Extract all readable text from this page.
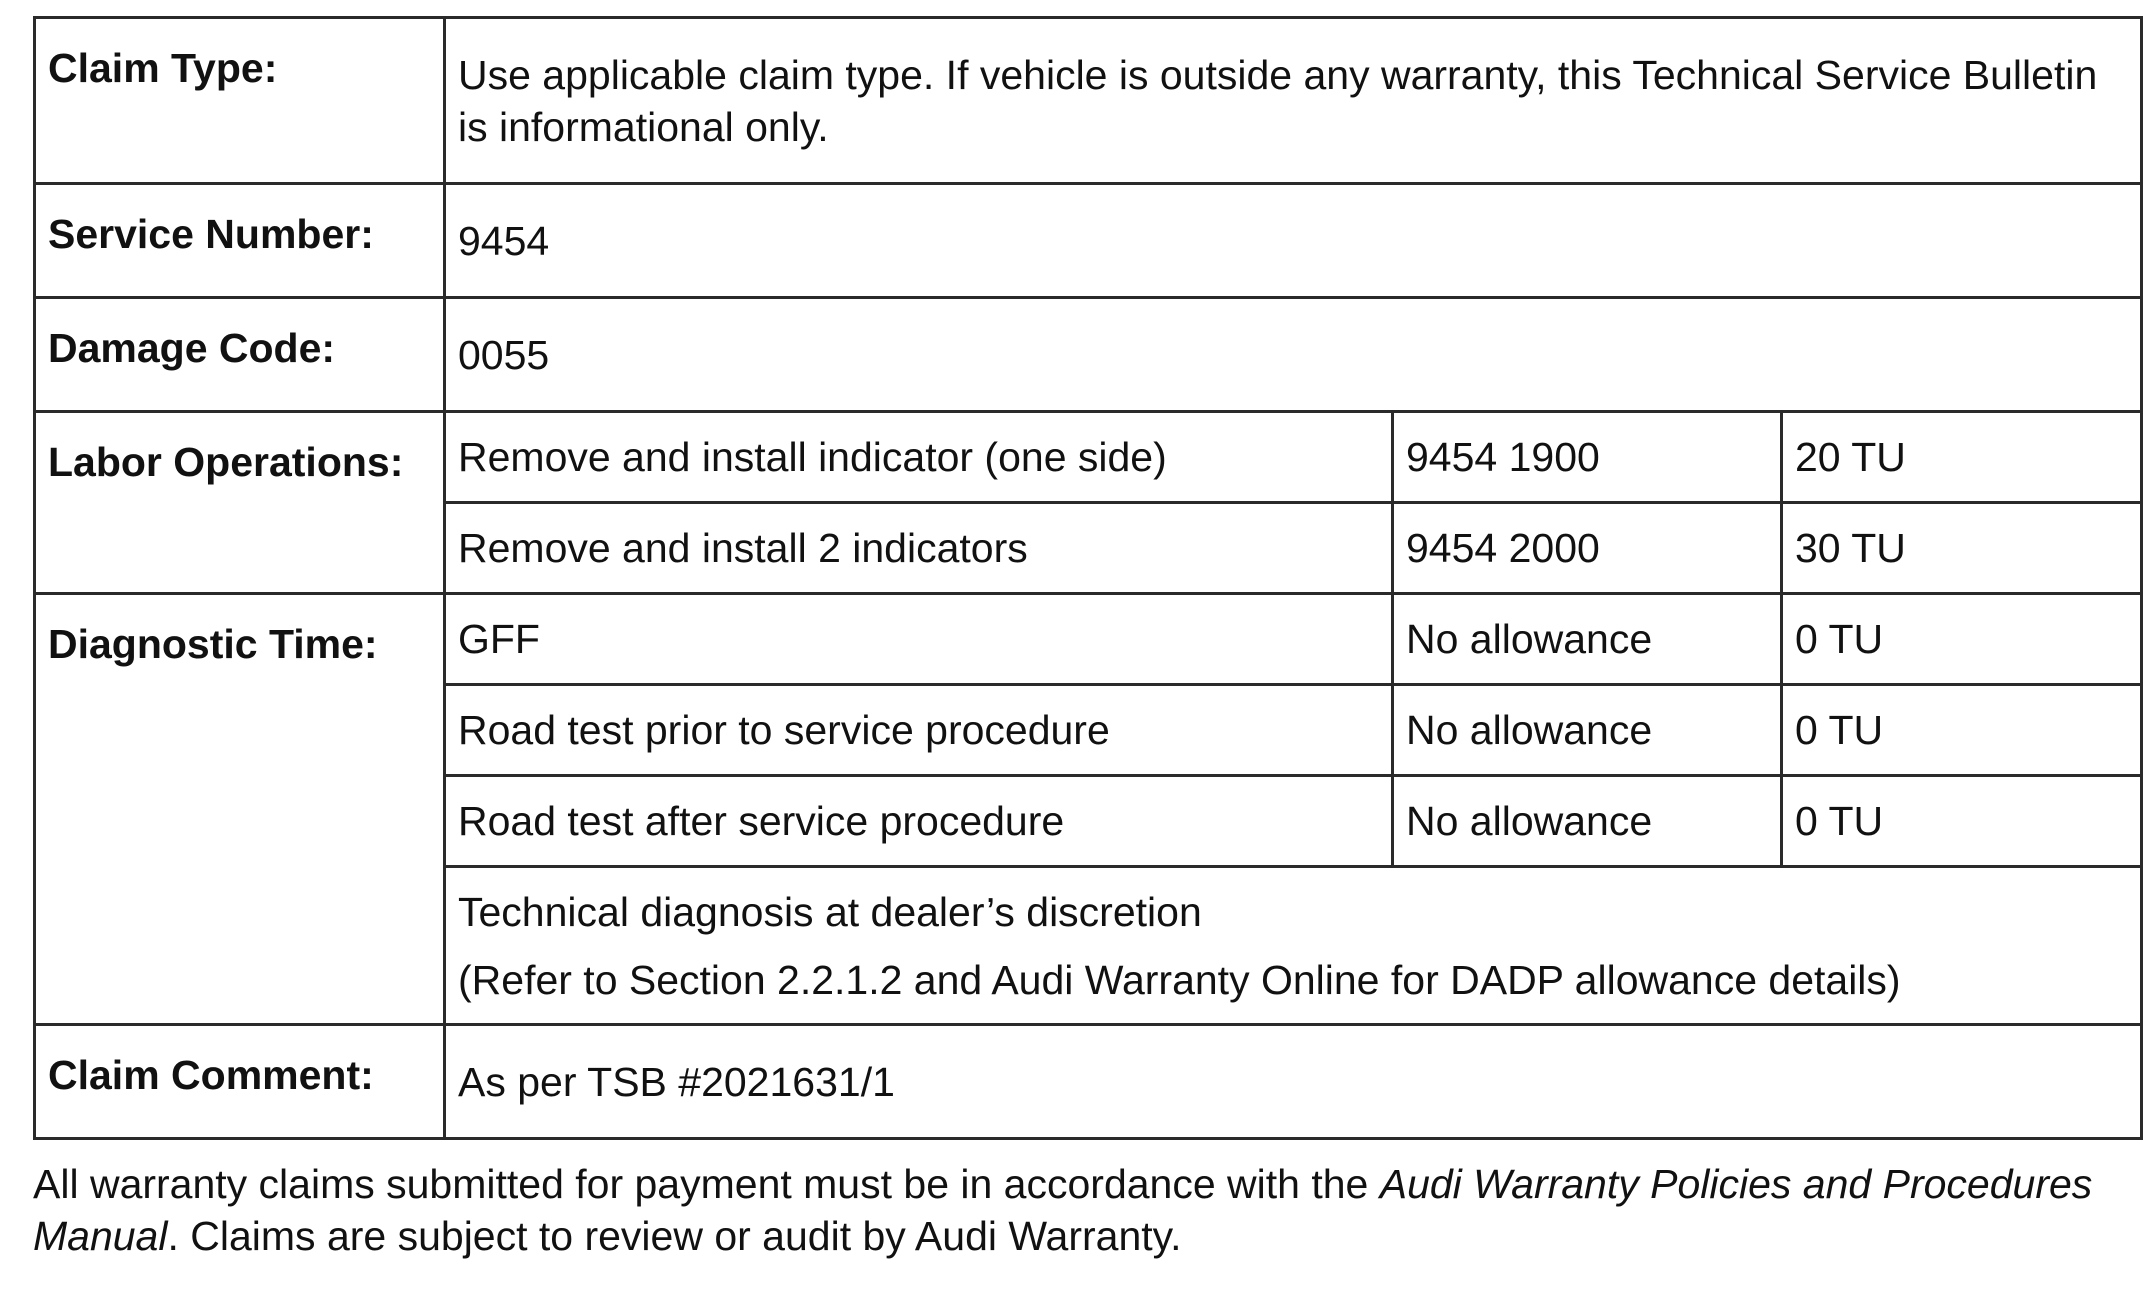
Claim Type:	Use applicable claim type. If vehicle is outside any warranty, this Technical Service Bulletin is informational only.		
Service Number:	9454		
Damage Code:	0055		
Labor Operations:	Remove and install indicator (one side)	9454 1900	20 TU
	Remove and install 2 indicators	9454 2000	30 TU
Diagnostic Time:	GFF	No allowance	0 TU
	Road test prior to service procedure	No allowance	0 TU
	Road test after service procedure	No allowance	0 TU

	Technical diagnosis at dealer’s discretion
(Refer to Section 2.2.1.2 and Audi Warranty Online for DADP allowance details)		

Claim Comment:	As per TSB #2021631/1		

All warranty claims submitted for payment must be in accordance with the Audi Warranty Policies and Procedures Manual. Claims are subject to review or audit by Audi Warranty.
